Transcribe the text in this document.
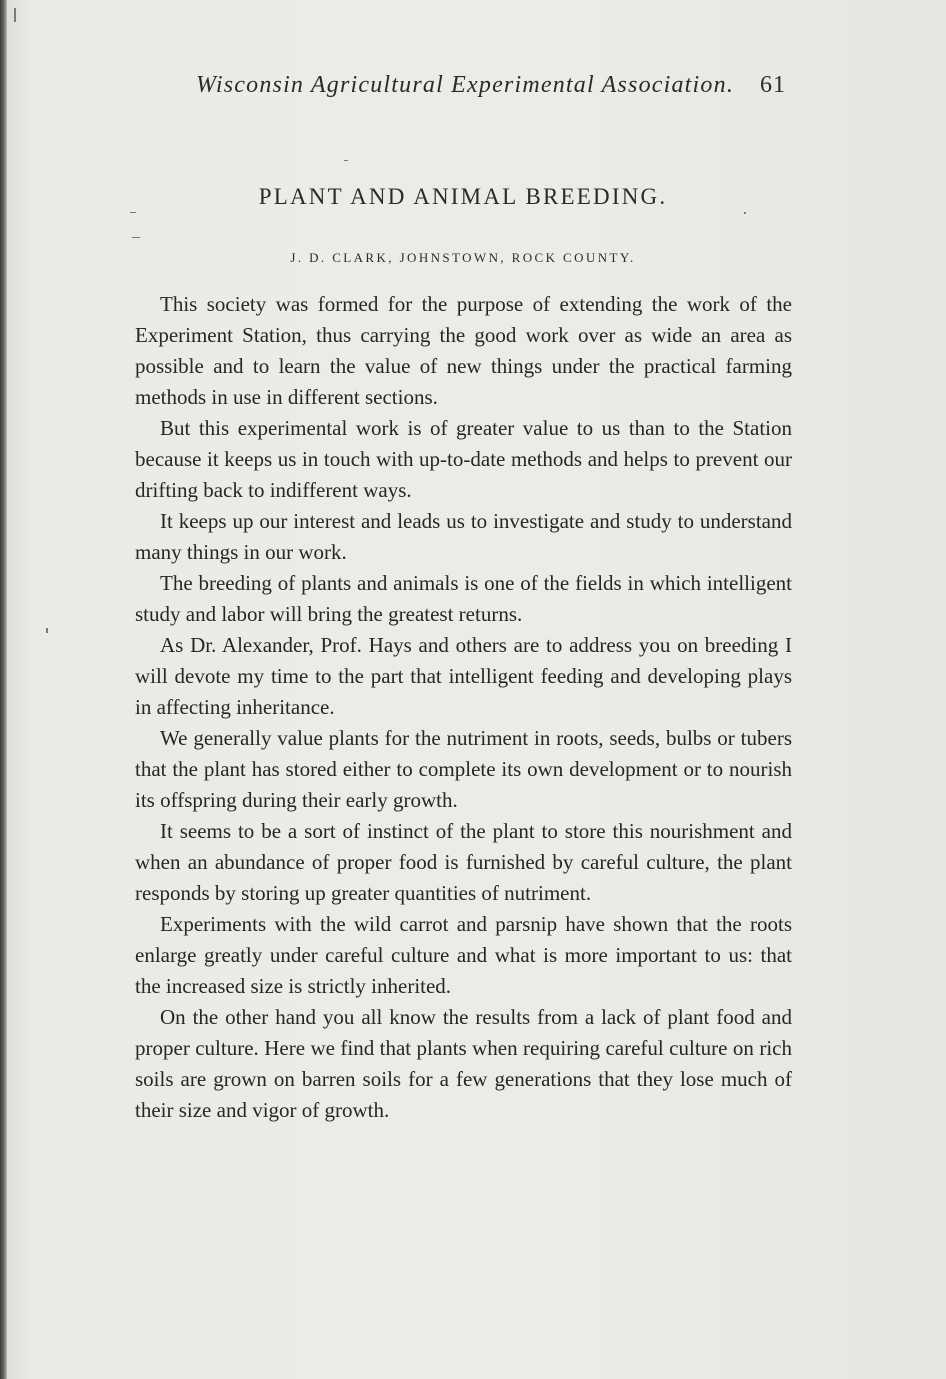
Wisconsin Agricultural Experimental Association. 61
PLANT AND ANIMAL BREEDING.
J. D. CLARK, JOHNSTOWN, ROCK COUNTY.

This society was formed for the purpose of extending the work of the Experiment Station, thus carrying the good work over as wide an area as possible and to learn the value of new things under the practical farming methods in use in different sections.

But this experimental work is of greater value to us than to the Station because it keeps us in touch with up-to-date methods and helps to prevent our drifting back to indifferent ways.

It keeps up our interest and leads us to investigate and study to understand many things in our work.

The breeding of plants and animals is one of the fields in which intelligent study and labor will bring the greatest returns.

As Dr. Alexander, Prof. Hays and others are to address you on breeding I will devote my time to the part that intelligent feeding and developing plays in affecting inheritance.

We generally value plants for the nutriment in roots, seeds, bulbs or tubers that the plant has stored either to complete its own development or to nourish its offspring during their early growth.

It seems to be a sort of instinct of the plant to store this nourishment and when an abundance of proper food is furnished by careful culture, the plant responds by storing up greater quantities of nutriment.

Experiments with the wild carrot and parsnip have shown that the roots enlarge greatly under careful culture and what is more important to us: that the increased size is strictly inherited.

On the other hand you all know the results from a lack of plant food and proper culture. Here we find that plants when requiring careful culture on rich soils are grown on barren soils for a few generations that they lose much of their size and vigor of growth.
